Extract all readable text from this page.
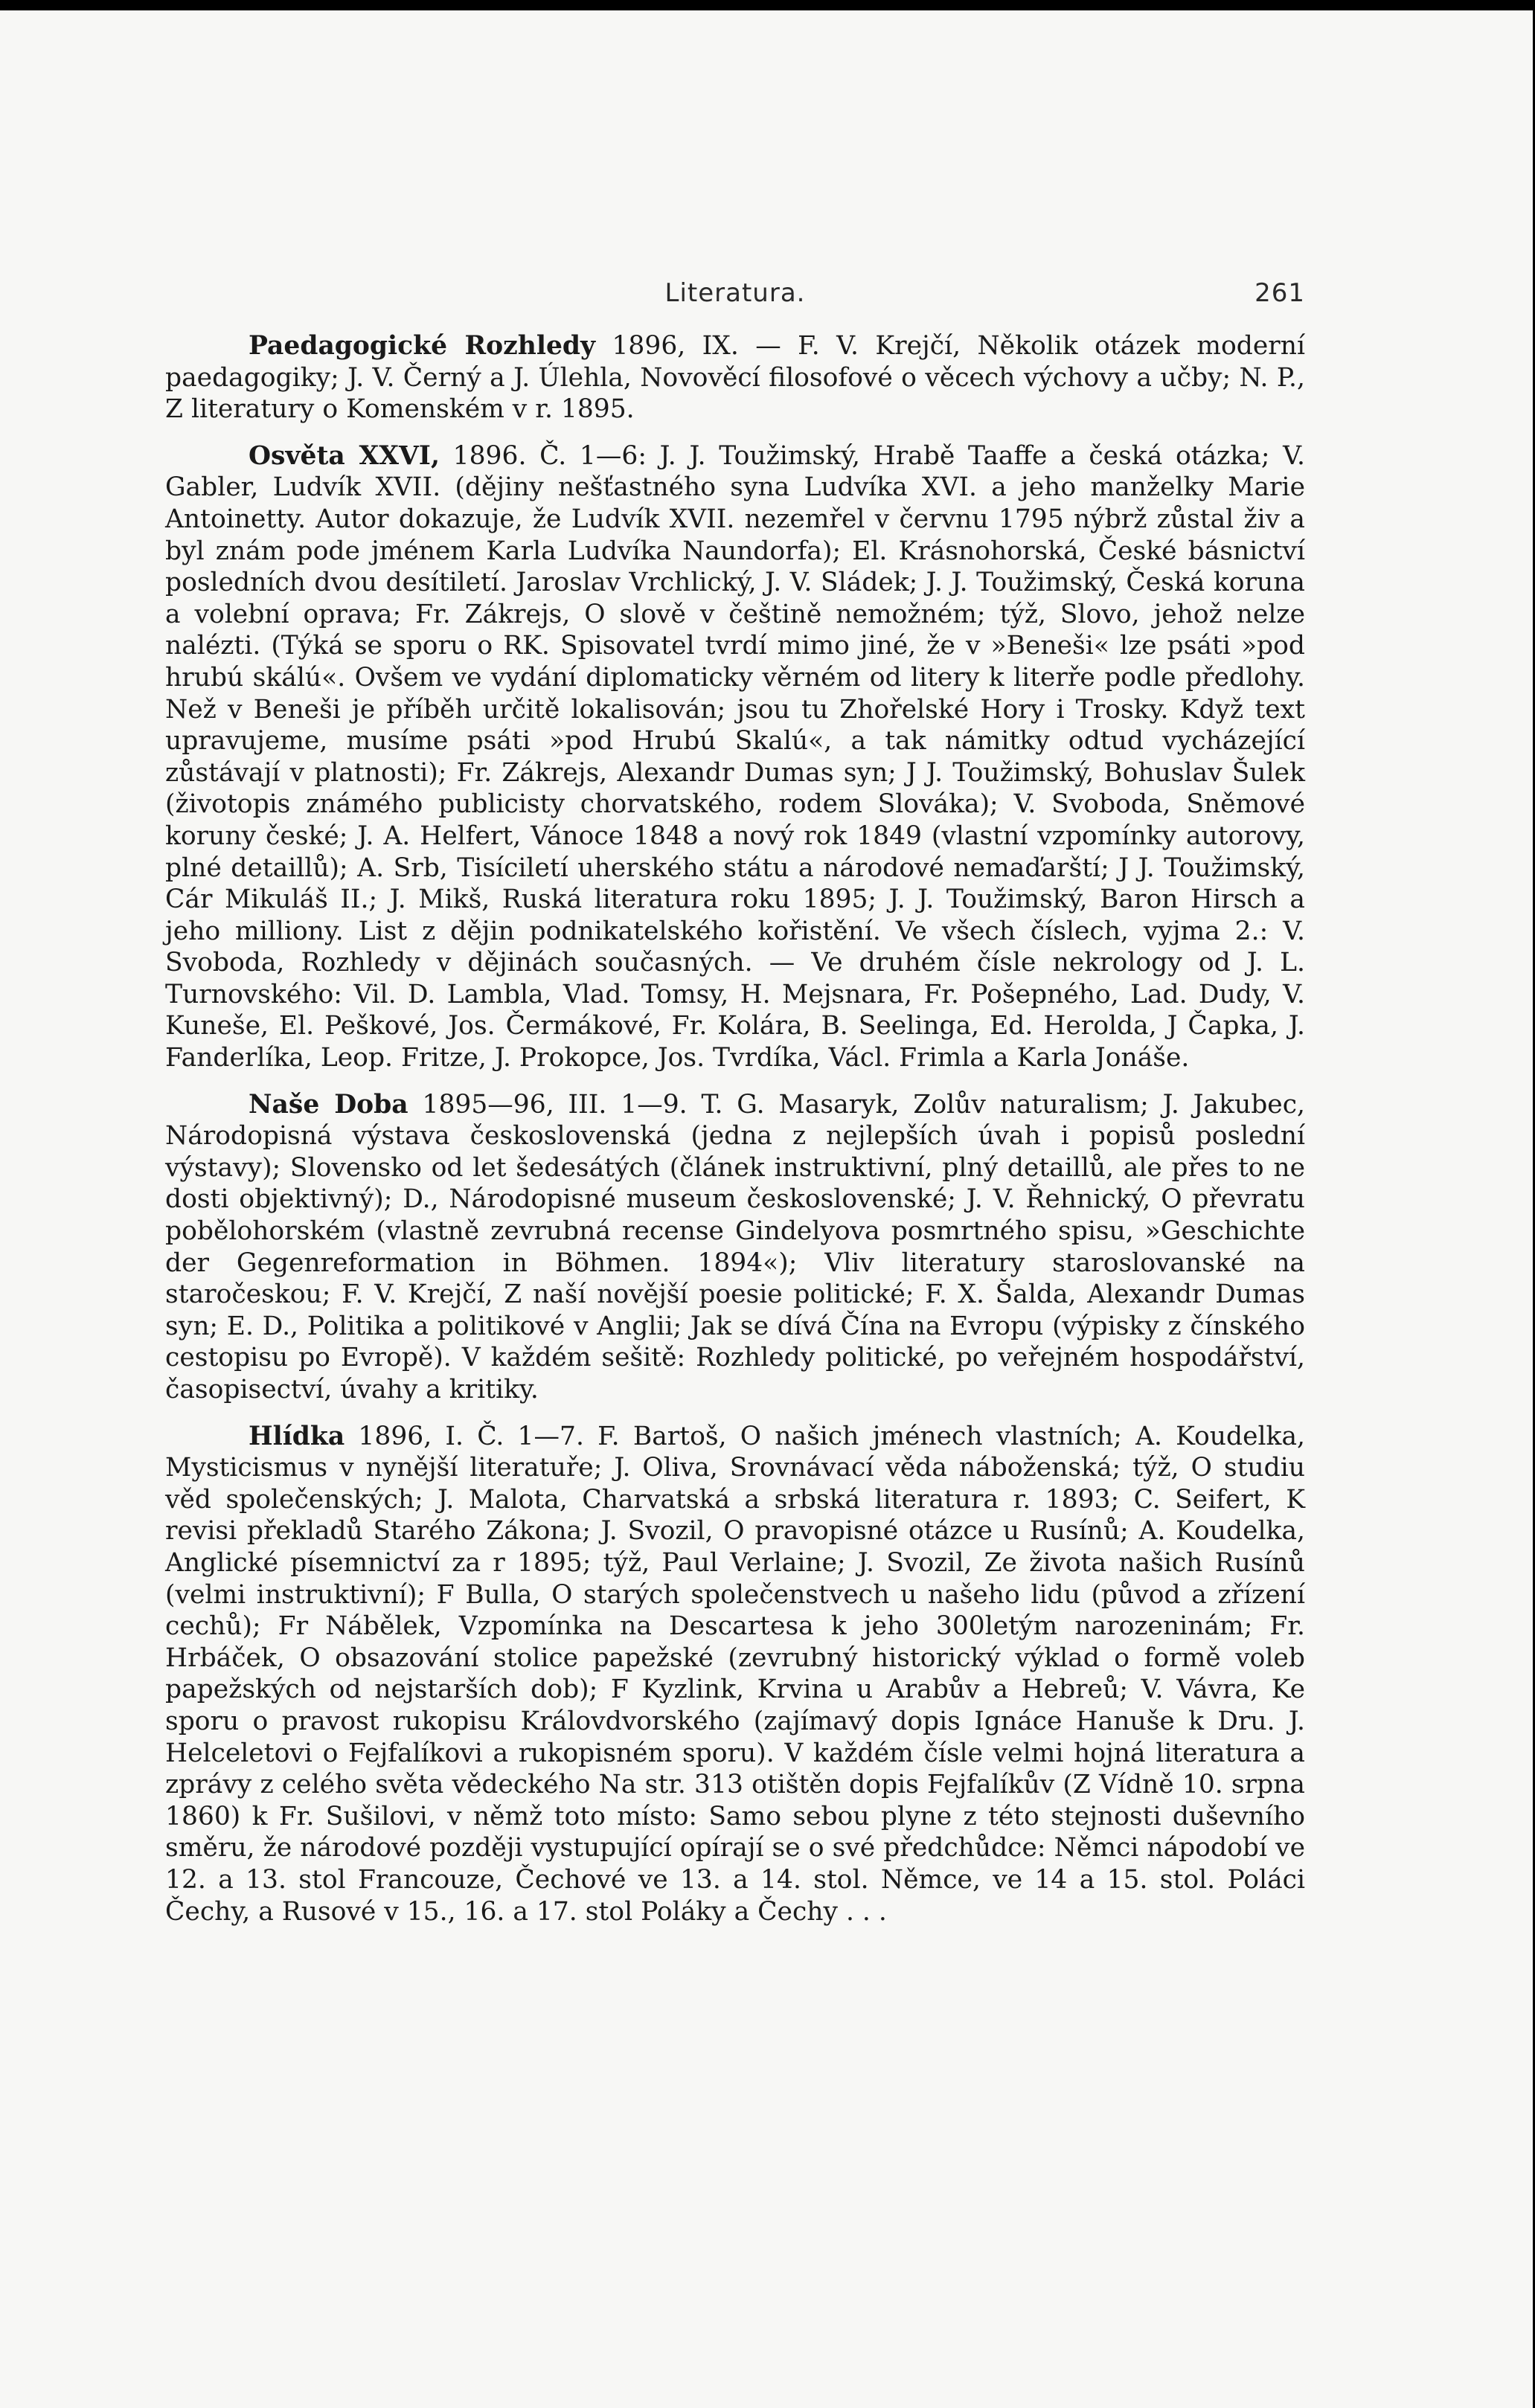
Literatura.	261

Paedagogické Rozhledy 1896, IX. — F. V. Krejčí, Několik otázek moderní paedagogiky; J. V. Černý a J. Úlehla, Novověcí filosofové o věcech výchovy a učby; N. P., Z literatury o Komenském v r. 1895.

Osvěta XXVI, 1896. Č. 1—6: J. J. Toužimský, Hrabě Taaffe a česká otázka; V. Gabler, Ludvík XVII. (dějiny nešťastného syna Ludvíka XVI. a jeho manželky Marie Antoinetty. Autor dokazuje, že Ludvík XVII. nezemřel v červnu 1795 nýbrž zůstal živ a byl znám pode jménem Karla Ludvíka Naundorfa); El. Krásnohorská, České básnictví posledních dvou desítiletí. Jaroslav Vrchlický, J. V. Sládek; J. J. Toužimský, Česká koruna a volební oprava; Fr. Zákrejs, O slově v češtině nemožném; týž, Slovo, jehož nelze nalézti. (Týká se sporu o RK. Spisovatel tvrdí mimo jiné, že v »Beneši« lze psáti »pod hrubú skálú«. Ovšem ve vydání diplomaticky věrném od litery k literře podle předlohy. Než v Beneši je příběh určitě lokalisován; jsou tu Zhořelské Hory i Trosky. Když text upravujeme, musíme psáti »pod Hrubú Skalú«, a tak námitky odtud vycházející zůstávají v platnosti); Fr. Zákrejs, Alexandr Dumas syn; J J. Toužimský, Bohuslav Šulek (životopis známého publicisty chorvatského, rodem Slováka); V. Svoboda, Sněmové koruny české; J. A. Helfert, Vánoce 1848 a nový rok 1849 (vlastní vzpomínky autorovy, plné detaillů); A. Srb, Tisíciletí uherského státu a národové nemaďarští; J J. Toužimský, Cár Mikuláš II.; J. Mikš, Ruská literatura roku 1895; J. J. Toužimský, Baron Hirsch a jeho milliony. List z dějin podnikatelského kořistění. Ve všech číslech, vyjma 2.: V. Svoboda, Rozhledy v dějinách současných. — Ve druhém čísle nekrology od J. L. Turnovského: Vil. D. Lambla, Vlad. Tomsy, H. Mejsnara, Fr. Pošepného, Lad. Dudy, V. Kuneše, El. Peškové, Jos. Čermákové, Fr. Kolára, B. Seelinga, Ed. Herolda, J Čapka, J. Fanderlíka, Leop. Fritze, J. Prokopce, Jos. Tvrdíka, Václ. Frimla a Karla Jonáše.

Naše Doba 1895—96, III. 1—9. T. G. Masaryk, Zolův naturalism; J. Jakubec, Národopisná výstava československá (jedna z nejlepších úvah i popisů poslední výstavy); Slovensko od let šedesátých (článek instruktivní, plný detaillů, ale přes to ne dosti objektivný); D., Národopisné museum československé; J. V. Řehnický, O převratu pobělohorském (vlastně zevrubná recense Gindelyova posmrtného spisu, »Geschichte der Gegenreformation in Böhmen. 1894«); Vliv literatury staroslovanské na staročeskou; F. V. Krejčí, Z naší novější poesie politické; F. X. Šalda, Alexandr Dumas syn; E. D., Politika a politikové v Anglii; Jak se dívá Čína na Evropu (výpisky z čínského cestopisu po Evropě). V každém sešitě: Rozhledy politické, po veřejném hospodářství, časopisectví, úvahy a kritiky.

Hlídka 1896, I. Č. 1—7. F. Bartoš, O našich jménech vlastních; A. Koudelka, Mysticismus v nynější literatuře; J. Oliva, Srovnávací věda náboženská; týž, O studiu věd společenských; J. Malota, Charvatská a srbská literatura r. 1893; C. Seifert, K revisi překladů Starého Zákona; J. Svozil, O pravopisné otázce u Rusínů; A. Koudelka, Anglické písemnictví za r 1895; týž, Paul Verlaine; J. Svozil, Ze života našich Rusínů (velmi instruktivní); F Bulla, O starých společenstvech u našeho lidu (původ a zřízení cechů); Fr Nábělek, Vzpomínka na Descartesa k jeho 300letým narozeninám; Fr. Hrbáček, O obsazování stolice papežské (zevrubný historický výklad o formě voleb papežských od nejstarších dob); F Kyzlink, Krvina u Arabův a Hebreů; V. Vávra, Ke sporu o pravost rukopisu Královdvorského (zajímavý dopis Ignáce Hanuše k Dru. J. Helceletovi o Fejfalíkovi a rukopisném sporu). V každém čísle velmi hojná literatura a zprávy z celého světa vědeckého Na str. 313 otištěn dopis Fejfalíkův (Z Vídně 10. srpna 1860) k Fr. Sušilovi, v němž toto místo: Samo sebou plyne z této stejnosti duševního směru, že národové později vystupující opírají se o své předchůdce: Němci nápodobí ve 12. a 13. stol Francouze, Čechové ve 13. a 14. stol. Němce, ve 14 a 15. stol. Poláci Čechy, a Rusové v 15., 16. a 17. stol Poláky a Čechy . . .
